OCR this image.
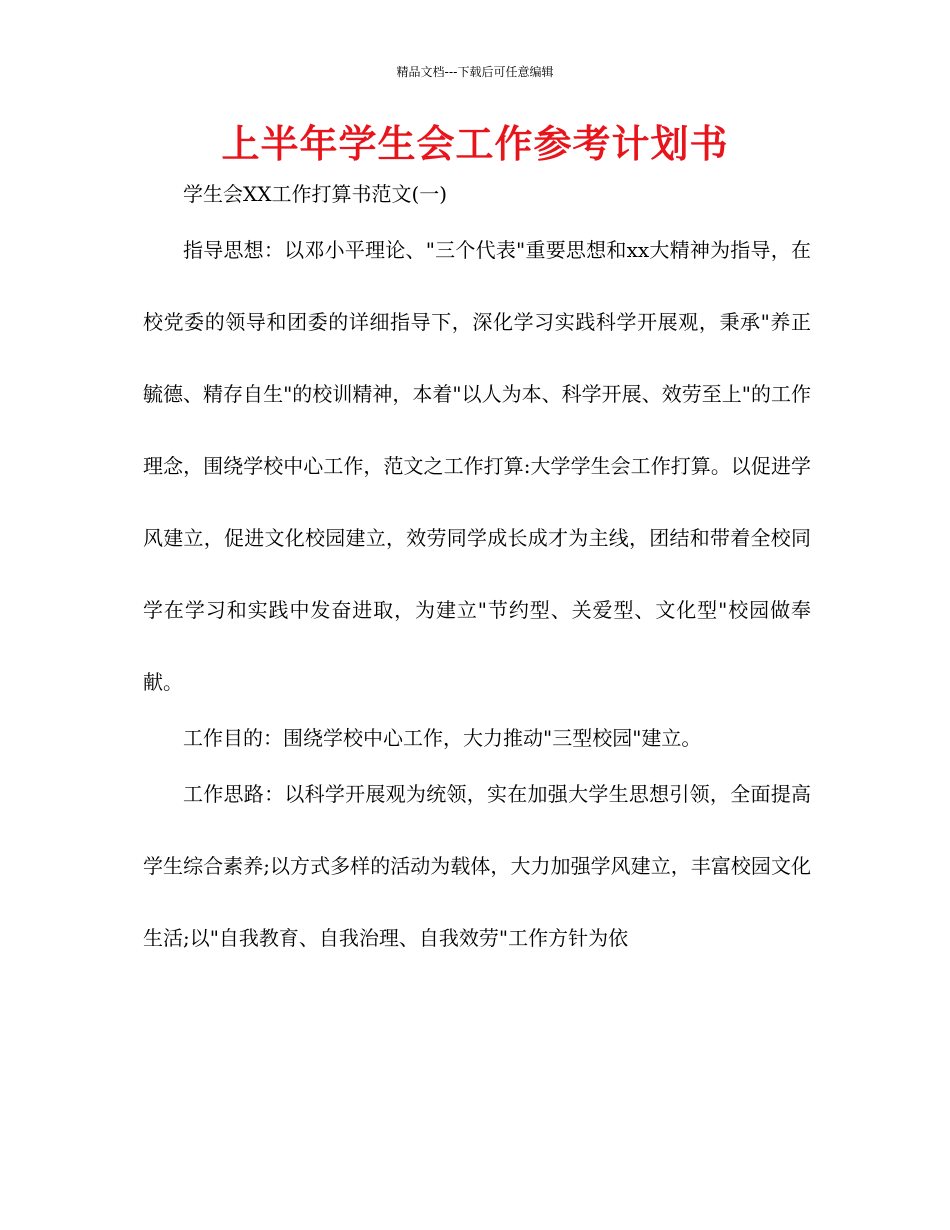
精品文档---下载后可任意编辑
上半年学生会工作参考计划书

学生会XX工作打算书范文(一)

指导思想：以邓小平理论、"三个代表"重要思想和xx大精神为指导，在校党委的领导和团委的详细指导下，深化学习实践科学开展观，秉承"养正毓德、精存自生"的校训精神，本着"以人为本、科学开展、效劳至上"的工作理念，围绕学校中心工作，范文之工作打算:大学学生会工作打算。以促进学风建立，促进文化校园建立，效劳同学成长成才为主线，团结和带着全校同学在学习和实践中发奋进取，为建立"节约型、关爱型、文化型"校园做奉献。

工作目的：围绕学校中心工作，大力推动"三型校园"建立。

工作思路：以科学开展观为统领，实在加强大学生思想引领，全面提高学生综合素养;以方式多样的活动为载体，大力加强学风建立，丰富校园文化生活;以"自我教育、自我治理、自我效劳"工作方针为依
